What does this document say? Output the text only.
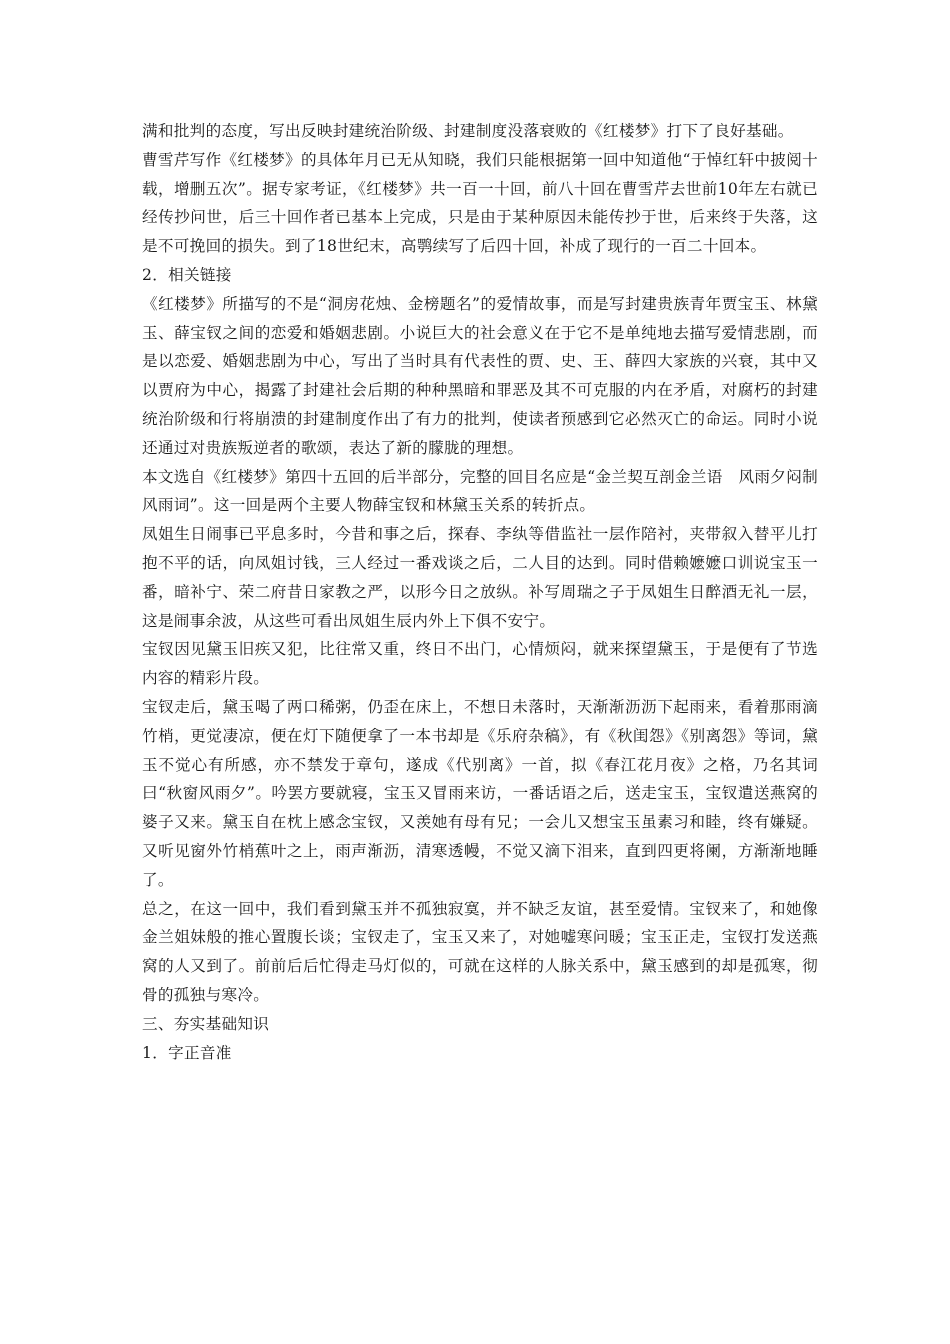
满和批判的态度，写出反映封建统治阶级、封建制度没落衰败的《红楼梦》打下了良好基础。

曹雪芹写作《红楼梦》的具体年月已无从知晓，我们只能根据第一回中知道他“于悼红轩中披阅十载，增删五次”。据专家考证，《红楼梦》共一百一十回，前八十回在曹雪芹去世前10年左右就已经传抄问世，后三十回作者已基本上完成，只是由于某种原因未能传抄于世，后来终于失落，这是不可挽回的损失。到了18世纪末，高鹗续写了后四十回，补成了现行的一百二十回本。

2．相关链接

《红楼梦》所描写的不是“洞房花烛、金榜题名”的爱情故事，而是写封建贵族青年贾宝玉、林黛玉、薛宝钗之间的恋爱和婚姻悲剧。小说巨大的社会意义在于它不是单纯地去描写爱情悲剧，而是以恋爱、婚姻悲剧为中心，写出了当时具有代表性的贾、史、王、薛四大家族的兴衰，其中又以贾府为中心，揭露了封建社会后期的种种黑暗和罪恶及其不可克服的内在矛盾，对腐朽的封建统治阶级和行将崩溃的封建制度作出了有力的批判，使读者预感到它必然灭亡的命运。同时小说还通过对贵族叛逆者的歌颂，表达了新的朦胧的理想。

本文选自《红楼梦》第四十五回的后半部分，完整的回目名应是“金兰契互剖金兰语　风雨夕闷制风雨词”。这一回是两个主要人物薛宝钗和林黛玉关系的转折点。

凤姐生日闹事已平息多时，今昔和事之后，探春、李纨等借监社一层作陪衬，夹带叙入替平儿打抱不平的话，向凤姐讨钱，三人经过一番戏谈之后，二人目的达到。同时借赖嬷嬷口训说宝玉一番，暗补宁、荣二府昔日家教之严，以形今日之放纵。补写周瑞之子于凤姐生日醉酒无礼一层，这是闹事余波，从这些可看出凤姐生辰内外上下俱不安宁。

宝钗因见黛玉旧疾又犯，比往常又重，终日不出门，心情烦闷，就来探望黛玉，于是便有了节选内容的精彩片段。

宝钗走后，黛玉喝了两口稀粥，仍歪在床上，不想日未落时，天渐渐沥沥下起雨来，看着那雨滴竹梢，更觉凄凉，便在灯下随便拿了一本书却是《乐府杂稿》，有《秋闺怨》《别离怨》等词，黛玉不觉心有所感，亦不禁发于章句，遂成《代别离》一首，拟《春江花月夜》之格，乃名其词曰“秋窗风雨夕”。吟罢方要就寝，宝玉又冒雨来访，一番话语之后，送走宝玉，宝钗遣送燕窝的婆子又来。黛玉自在枕上感念宝钗，又羡她有母有兄；一会儿又想宝玉虽素习和睦，终有嫌疑。又听见窗外竹梢蕉叶之上，雨声渐沥，清寒透幔，不觉又滴下泪来，直到四更将阑，方渐渐地睡了。

总之，在这一回中，我们看到黛玉并不孤独寂寞，并不缺乏友谊，甚至爱情。宝钗来了，和她像金兰姐妹般的推心置腹长谈；宝钗走了，宝玉又来了，对她嘘寒问暖；宝玉正走，宝钗打发送燕窝的人又到了。前前后后忙得走马灯似的，可就在这样的人脉关系中，黛玉感到的却是孤寒，彻骨的孤独与寒冷。

三、夯实基础知识

1．字正音准
